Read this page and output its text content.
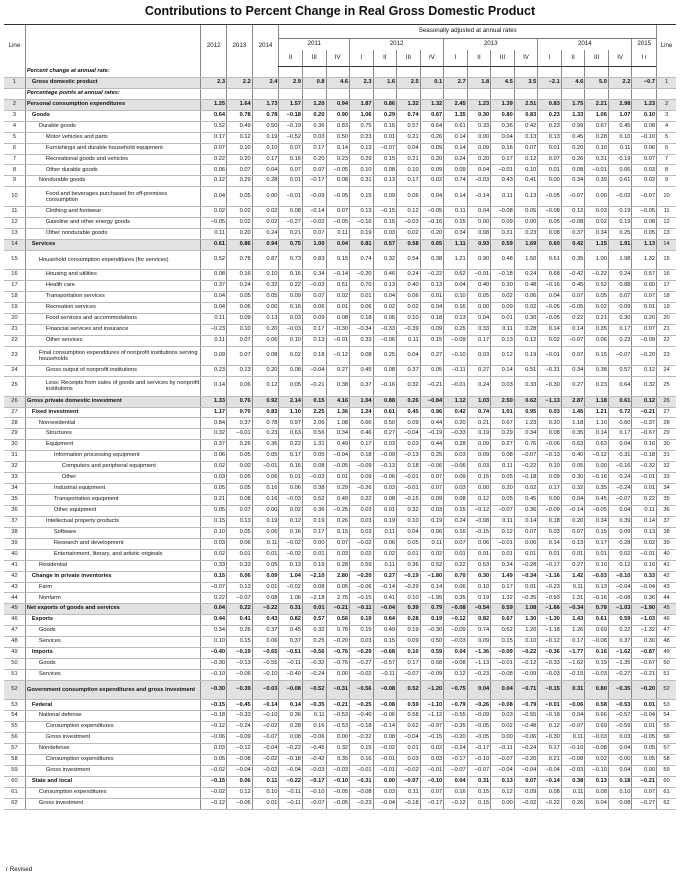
Contributions to Percent Change in Real Gross Domestic Product
Line		2012	2013	2014	Seasonally adjusted at annual rates																Line
					2011			2012				2013				2014				2015	
					II	III	IV	I	II	III	IV	I	II	III	IV	I	II	III	IV	I r	
	Percent change at annual rate:																				
1	Gross domestic product	2.3	2.2	2.4	2.9	0.8	4.6	2.3	1.6	2.5	0.1	2.7	1.8	4.5	3.5	−2.1	4.6	5.0	2.2	−0.7	1
	Percentage points at annual rates:																				
2	Personal consumption expenditures	1.25	1.64	1.73	1.57	1.20	0.94	1.87	0.86	1.32	1.32	2.45	1.23	1.39	2.51	0.83	1.75	2.21	2.98	1.23	2
3	Goods	0.64	0.78	0.78	−0.18	0.20	0.90	1.06	0.29	0.74	0.67	1.35	0.30	0.80	0.83	0.23	1.33	1.06	1.07	0.10	3
4	Durable goods	0.52	0.49	0.50	−0.19	0.36	0.83	0.75	0.16	0.57	0.64	0.61	0.33	0.36	0.42	0.23	0.99	0.67	0.45	0.08	4
5	Motor vehicles and parts	0.17	0.12	0.19	−0.52	0.03	0.50	0.23	0.01	0.21	0.26	0.14	0.00	0.04	0.13	0.13	0.45	0.28	0.10	−0.10	5
6	Furnishings and durable household equipment	0.07	0.10	0.10	0.07	0.17	0.14	0.13	−0.07	0.04	0.09	0.14	0.09	0.16	0.07	0.01	0.20	0.10	0.11	0.06	6
7	Recreational goods and vehicles	0.22	0.20	0.17	0.16	0.20	0.23	0.29	0.15	0.21	0.20	0.24	0.20	0.17	0.12	0.07	0.26	0.31	0.19	0.07	7
8	Other durable goods	0.06	0.07	0.04	0.07	0.07	−0.05	0.10	0.08	0.10	0.09	0.09	0.04	−0.01	0.10	0.01	0.08	−0.01	0.06	0.03	8
9	Nondurable goods	0.12	0.29	0.28	0.01	−0.17	0.08	0.31	0.13	0.17	0.02	0.74	−0.03	0.43	0.41	0.00	0.34	0.39	0.61	0.02	9
10	Food and beverages purchased for off-premises consumption	0.04	0.05	0.00	−0.01	−0.09	−0.05	0.15	0.09	0.06	0.04	0.14	−0.14	0.11	0.13	−0.05	−0.07	0.00	−0.02	−0.07	10
11	Clothing and footwear	0.02	0.02	0.02	0.08	−0.14	0.07	0.13	−0.15	0.12	−0.05	0.11	0.04	−0.08	0.05	−0.08	0.12	0.03	0.19	−0.05	11
12	Gasoline and other energy goods	−0.05	0.02	0.02	−0.27	−0.02	−0.05	−0.16	0.16	−0.03	−0.16	0.15	0.00	0.09	0.00	0.05	−0.08	0.02	0.19	0.08	12
13	Other nondurable goods	0.11	0.20	0.24	0.21	0.07	0.11	0.19	0.03	0.02	0.20	0.34	0.08	0.31	0.23	0.08	0.37	0.34	0.25	0.05	13
14	Services	0.61	0.86	0.94	0.75	1.00	0.04	0.81	0.57	0.58	0.65	1.11	0.93	0.59	1.69	0.60	0.42	1.15	1.91	1.13	14
15	Household consumption expenditures (for services)	0.52	0.78	0.87	0.73	0.83	0.15	0.74	0.32	0.54	0.38	1.21	0.90	0.48	1.50	0.61	0.35	1.00	1.98	1.32	15
16	Housing and utilities	0.08	0.16	0.10	0.16	0.34	−0.14	−0.20	0.46	0.24	−0.22	0.62	−0.01	−0.18	0.24	0.68	−0.42	−0.22	0.24	0.57	16
17	Health care	0.37	0.24	0.32	0.22	−0.03	0.51	0.70	0.13	0.40	0.13	0.04	0.40	0.30	0.48	−0.16	0.45	0.52	0.88	0.60	17
18	Transportation services	0.04	0.05	0.05	0.09	0.07	0.02	0.01	0.04	0.06	0.01	0.10	0.05	0.02	0.06	0.04	0.07	0.05	0.07	0.07	18
19	Recreation services	0.04	0.06	0.00	0.16	0.06	0.01	0.06	0.02	0.02	0.04	0.16	0.00	0.09	0.02	−0.05	−0.05	0.02	0.09	0.01	19
20	Food services and accommodations	0.11	0.09	0.13	0.03	0.09	0.08	0.18	0.06	0.10	0.18	0.13	0.04	0.01	0.30	−0.05	0.22	0.21	0.30	0.20	20
21	Financial services and insurance	−0.23	0.10	0.20	−0.03	0.17	−0.30	−0.34	−0.33	−0.39	0.09	0.25	0.33	0.11	0.28	0.14	0.14	0.35	0.17	0.07	21
22	Other services	0.11	0.07	0.06	0.10	0.13	−0.01	0.33	−0.06	0.11	0.15	−0.09	0.17	0.13	0.12	0.02	−0.07	0.06	0.23	−0.09	22
23	Final consumption expenditures of nonprofit institutions serving households	0.09	0.07	0.08	0.02	0.18	−0.12	0.08	0.25	0.04	0.27	−0.10	0.03	0.12	0.19	−0.01	0.07	0.15	−0.07	−0.20	23
24	Gross output of nonprofit institutions	0.23	0.13	0.20	0.08	−0.04	0.27	0.45	0.08	0.37	0.05	−0.11	0.27	0.14	0.51	−0.31	0.34	0.38	0.57	0.12	24
25	Less: Receipts from sales of goods and services by nonprofit institutions	0.14	0.06	0.12	0.05	−0.21	0.38	0.37	−0.16	0.32	−0.21	−0.01	0.24	0.03	0.33	−0.30	0.27	0.23	0.64	0.32	25
26	Gross private domestic investment	1.33	0.76	0.92	2.14	0.15	4.16	1.04	0.88	0.26	−0.84	1.12	1.03	2.50	0.62	−1.13	2.87	1.18	0.61	0.12	26
27	Fixed investment	1.17	0.70	0.83	1.10	2.25	1.36	1.24	0.61	0.45	0.96	0.42	0.74	1.01	0.95	0.03	1.45	1.21	0.72	−0.21	27
28	Nonresidential	0.84	0.37	0.78	0.97	2.06	1.08	0.66	0.50	0.09	0.44	0.20	0.21	0.67	1.23	0.20	1.18	1.10	0.60	−0.37	28
29	Structures	0.32	−0.01	0.23	0.63	0.56	0.34	0.46	0.27	−0.04	−0.19	−0.33	0.19	0.29	0.34	0.08	0.35	0.14	0.17	−0.67	29
30	Equipment	0.37	0.26	0.36	0.22	1.31	0.49	0.17	0.03	0.03	0.44	0.28	0.09	0.27	0.76	−0.06	0.63	0.63	0.04	0.16	30
31	Information processing equipment	0.06	0.05	0.05	0.17	0.05	−0.04	0.18	−0.09	−0.13	0.25	0.03	0.09	0.08	−0.07	−0.13	0.40	−0.12	0.31	−0.18	31
32	Computers and peripheral equipment	0.02	0.00	−0.01	0.16	0.08	−0.05	−0.09	−0.13	0.18	−0.06	−0.06	0.03	0.11	−0.22	0.10	0.05	0.00	−0.16	−0.32	32
33	Other	0.03	0.05	0.06	0.01	−0.03	0.01	0.09	−0.06	−0.01	0.07	0.09	0.15	0.05	−0.18	0.09	0.30	−0.16	0.24	−0.01	33
34	Industrial equipment	0.05	0.05	0.16	0.06	0.38	0.29	−0.26	0.03	−0.01	0.07	0.03	0.00	0.20	0.02	0.17	0.32	0.35	−0.24	0.01	34
35	Transportation equipment	0.21	0.08	0.16	−0.03	0.52	0.49	0.22	0.08	−0.15	0.09	0.08	0.12	0.05	0.45	0.00	0.04	0.45	−0.07	0.22	35
36	Other equipment	0.05	0.07	0.00	0.02	0.36	−0.25	0.03	0.01	0.32	0.03	0.15	−0.12	−0.07	0.36	−0.09	−0.14	−0.05	0.04	0.11	36
37	Intellectual property products	0.15	0.13	0.19	0.12	0.19	0.26	0.03	0.19	0.10	0.19	0.24	−0.08	0.11	0.14	0.18	0.20	0.34	0.39	0.14	37
38	Software	0.10	0.05	0.06	0.16	0.17	0.15	0.03	0.11	0.04	0.06	0.16	−0.15	0.12	0.07	0.03	0.07	0.15	0.09	0.13	38
39	Research and development	0.03	0.06	0.11	−0.02	0.00	0.07	−0.02	0.06	0.05	0.11	0.07	0.06	−0.01	0.06	0.14	0.13	0.17	0.28	0.02	39
40	Entertainment, literary, and artistic originals	0.02	0.01	0.01	−0.02	0.01	0.03	0.02	0.02	0.01	0.02	0.01	0.01	0.01	0.01	0.01	0.01	0.01	0.02	−0.01	40
41	Residential	0.33	0.33	0.05	0.13	0.19	0.28	0.59	0.11	0.36	0.52	0.22	0.53	0.34	−0.28	−0.17	0.27	0.10	0.12	0.16	41
42	Change in private inventories	0.15	0.06	0.09	1.04	−2.10	2.80	−0.20	0.27	−0.19	−1.80	0.70	0.30	1.49	−0.34	−1.16	1.42	−0.03	−0.10	0.33	42
43	Farm	−0.07	0.13	0.01	−0.02	0.08	0.05	−0.06	−0.14	−0.29	0.14	0.06	0.10	0.17	0.01	−0.23	0.11	0.13	−0.04	−0.04	43
44	Nonfarm	0.22	−0.07	0.08	1.06	−2.18	2.75	−0.15	0.41	0.10	−1.95	0.35	0.19	1.32	−0.35	−0.93	1.31	−0.16	−0.08	0.36	44
45	Net exports of goods and services	0.04	0.22	−0.22	0.31	0.01	−0.21	−0.11	−0.04	0.39	0.79	−0.08	−0.54	0.59	1.08	−1.66	−0.34	0.78	−1.03	−1.90	45
46	Exports	0.44	0.41	0.43	0.82	0.57	0.56	0.19	0.64	0.28	0.19	−0.12	0.82	0.67	1.30	−1.30	1.43	0.61	0.59	−1.03	46
47	Goods	0.34	0.26	0.37	0.45	0.32	0.76	0.15	0.49	0.19	−0.30	−0.09	0.74	0.52	1.20	−1.18	1.26	0.69	0.22	−1.32	47
48	Services	0.10	0.15	0.06	0.37	0.25	−0.20	0.03	0.15	0.09	0.50	−0.03	0.09	0.15	0.10	−0.12	0.17	−0.08	0.37	0.30	48
49	Imports	−0.40	−0.19	−0.65	−0.51	−0.56	−0.76	−0.29	−0.68	0.10	0.59	0.04	−1.36	−0.09	−0.22	−0.36	−1.77	0.16	−1.62	−0.87	49
50	Goods	−0.30	−0.13	−0.55	−0.11	−0.32	−0.76	−0.27	−0.57	0.17	0.68	−0.08	−1.13	−0.01	−0.12	−0.33	−1.62	0.19	−1.35	−0.67	50
51	Services	−0.10	−0.06	−0.10	−0.40	−0.24	0.00	−0.02	−0.11	−0.07	−0.09	0.12	−0.23	−0.08	−0.09	−0.03	−0.15	−0.03	−0.27	−0.21	51
52	Government consumption expenditures and gross investment	−0.30	−0.39	−0.03	−0.08	−0.52	−0.31	−0.56	−0.08	0.52	−1.20	−0.75	0.04	0.04	−0.71	−0.15	0.31	0.80	−0.35	−0.20	52
53	Federal	−0.15	−0.45	−0.14	0.14	−0.35	−0.21	−0.25	−0.08	0.59	−1.10	−0.79	−0.26	−0.08	−0.79	−0.01	−0.06	0.58	−0.53	0.01	53
54	National defense	−0.18	−0.33	−0.10	0.36	0.11	−0.53	−0.40	−0.06	0.58	−1.12	−0.55	−0.09	0.03	−0.55	−0.18	0.04	0.66	−0.57	−0.04	54
55	Consumption expenditures	−0.12	−0.24	−0.02	0.28	0.16	−0.53	−0.18	−0.14	0.62	−0.97	−0.35	−0.05	0.02	−0.48	0.12	−0.07	0.69	−0.59	0.01	55
56	Gross investment	−0.06	−0.09	−0.07	0.08	−0.06	0.00	−0.22	0.08	−0.04	−0.15	−0.20	−0.05	0.00	−0.06	−0.30	0.11	−0.03	0.03	−0.05	56
57	Nondefense	0.03	−0.12	−0.04	−0.22	−0.45	0.32	0.15	−0.02	0.01	0.02	−0.24	−0.17	−0.11	−0.24	0.17	−0.10	−0.08	0.04	0.05	57
58	Consumption expenditures	0.05	−0.08	−0.02	−0.18	−0.42	0.35	0.16	−0.01	0.03	0.03	−0.17	−0.10	−0.07	−0.20	0.21	−0.08	0.02	0.00	0.05	58
59	Gross investment	−0.02	−0.04	−0.02	−0.04	−0.03	−0.03	−0.01	−0.01	−0.02	−0.01	−0.07	−0.07	−0.04	−0.04	−0.04	−0.03	−0.10	0.04	0.00	59
60	State and local	−0.15	0.06	0.11	−0.22	−0.17	−0.10	−0.31	0.00	−0.07	−0.10	0.04	0.31	0.13	0.07	−0.14	0.38	0.13	0.18	−0.21	60
61	Consumption expenditures	−0.02	0.12	0.10	−0.11	−0.10	−0.05	−0.08	0.03	0.11	0.07	0.16	0.15	0.12	0.09	0.08	0.11	0.08	0.10	0.07	61
62	Gross investment	−0.12	−0.06	0.01	−0.11	−0.07	−0.05	−0.23	−0.04	−0.18	−0.17	−0.12	0.15	0.00	−0.02	−0.22	0.26	0.04	0.08	−0.27	62
r Revised
